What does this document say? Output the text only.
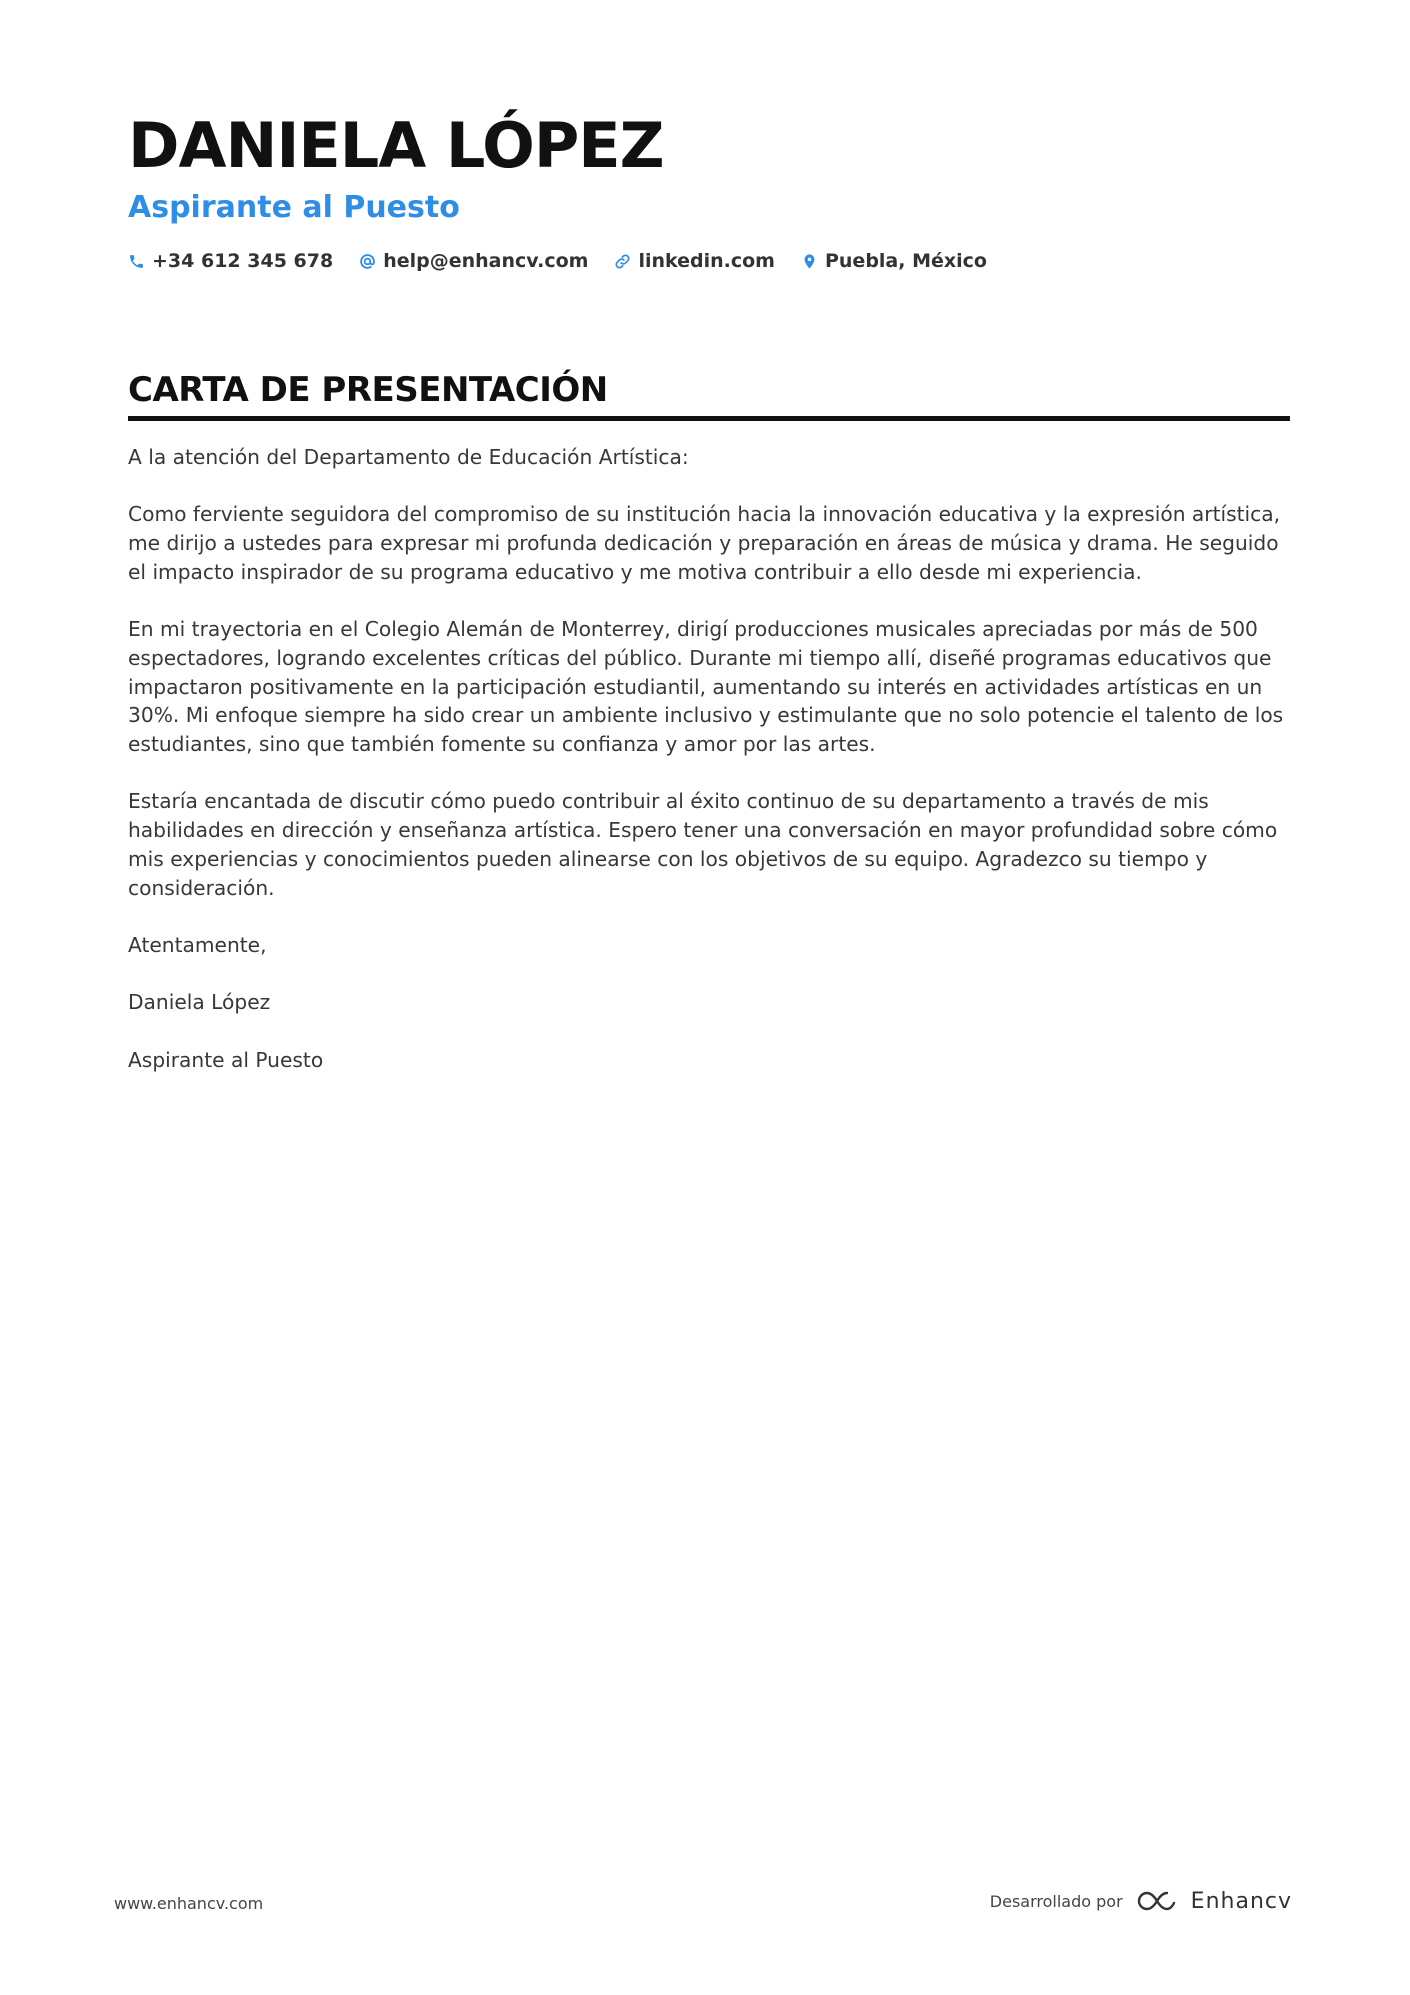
DANIELA LÓPEZ
Aspirante al Puesto
+34 612 345 678	help@enhancv.com	linkedin.com	Puebla, México
CARTA DE PRESENTACIÓN

A la atención del Departamento de Educación Artística:

Como ferviente seguidora del compromiso de su institución hacia la innovación educativa y la expresión artística, me dirijo a ustedes para expresar mi profunda dedicación y preparación en áreas de música y drama. He seguido el impacto inspirador de su programa educativo y me motiva contribuir a ello desde mi experiencia.

En mi trayectoria en el Colegio Alemán de Monterrey, dirigí producciones musicales apreciadas por más de 500 espectadores, logrando excelentes críticas del público. Durante mi tiempo allí, diseñé programas educativos que impactaron positivamente en la participación estudiantil, aumentando su interés en actividades artísticas en un 30%. Mi enfoque siempre ha sido crear un ambiente inclusivo y estimulante que no solo potencie el talento de los estudiantes, sino que también fomente su confianza y amor por las artes.

Estaría encantada de discutir cómo puedo contribuir al éxito continuo de su departamento a través de mis habilidades en dirección y enseñanza artística. Espero tener una conversación en mayor profundidad sobre cómo mis experiencias y conocimientos pueden alinearse con los objetivos de su equipo. Agradezco su tiempo y consideración.

Atentamente,

Daniela López

Aspirante al Puesto

www.enhancv.com	Desarrollado por	Enhancv
